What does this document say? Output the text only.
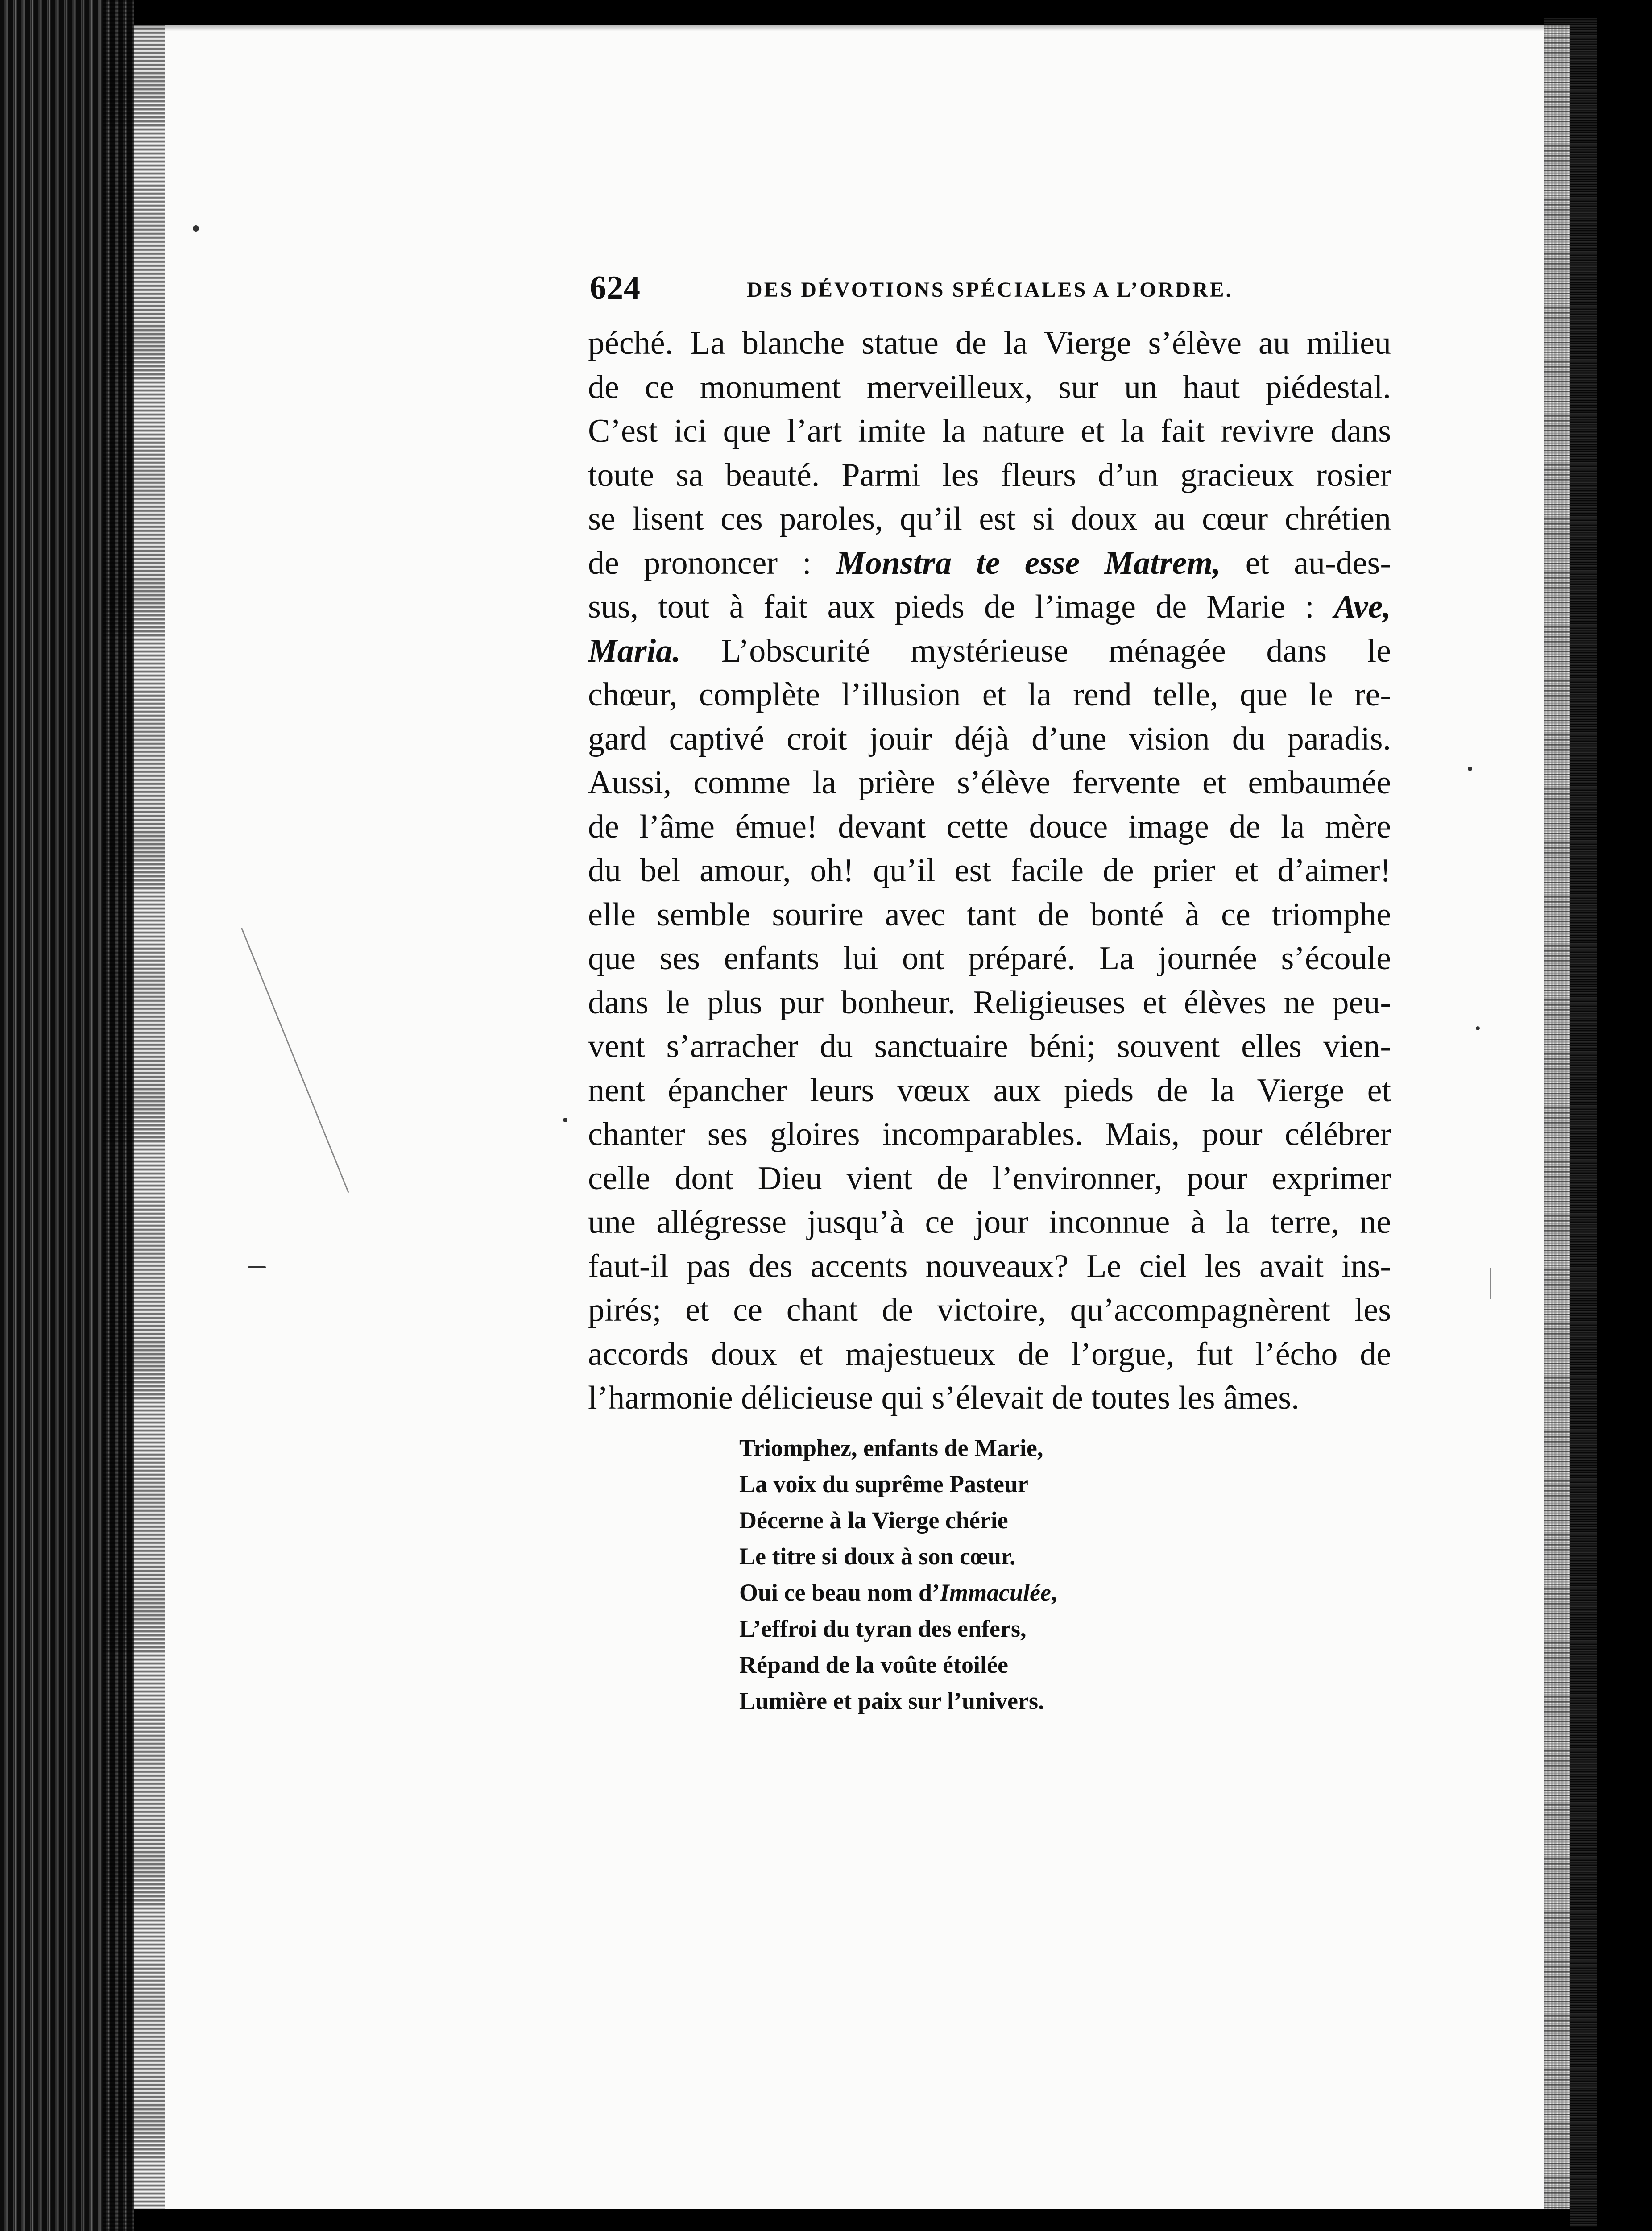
624	DES DÉVOTIONS SPÉCIALES A L’ORDRE.
péché. La blanche statue de la Vierge s’élève au milieu
de ce monument merveilleux, sur un haut piédestal.
C’est ici que l’art imite la nature et la fait revivre dans
toute sa beauté. Parmi les fleurs d’un gracieux rosier
se lisent ces paroles, qu’il est si doux au cœur chrétien
de prononcer : Monstra te esse Matrem, et au-des-
sus, tout à fait aux pieds de l’image de Marie : Ave,
Maria. L’obscurité mystérieuse ménagée dans le
chœur, complète l’illusion et la rend telle, que le re-
gard captivé croit jouir déjà d’une vision du paradis.
Aussi, comme la prière s’élève fervente et embaumée
de l’âme émue! devant cette douce image de la mère
du bel amour, oh! qu’il est facile de prier et d’aimer!
elle semble sourire avec tant de bonté à ce triomphe
que ses enfants lui ont préparé. La journée s’écoule
dans le plus pur bonheur. Religieuses et élèves ne peu-
vent s’arracher du sanctuaire béni; souvent elles vien-
nent épancher leurs vœux aux pieds de la Vierge et
chanter ses gloires incomparables. Mais, pour célébrer
celle dont Dieu vient de l’environner, pour exprimer
une allégresse jusqu’à ce jour inconnue à la terre, ne
faut-il pas des accents nouveaux? Le ciel les avait ins-
pirés; et ce chant de victoire, qu’accompagnèrent les
accords doux et majestueux de l’orgue, fut l’écho de
l’harmonie délicieuse qui s’élevait de toutes les âmes.
Triomphez, enfants de Marie,
La voix du suprême Pasteur
Décerne à la Vierge chérie
Le titre si doux à son cœur.
Oui ce beau nom d’Immaculée,
L’effroi du tyran des enfers,
Répand de la voûte étoilée
Lumière et paix sur l’univers.
